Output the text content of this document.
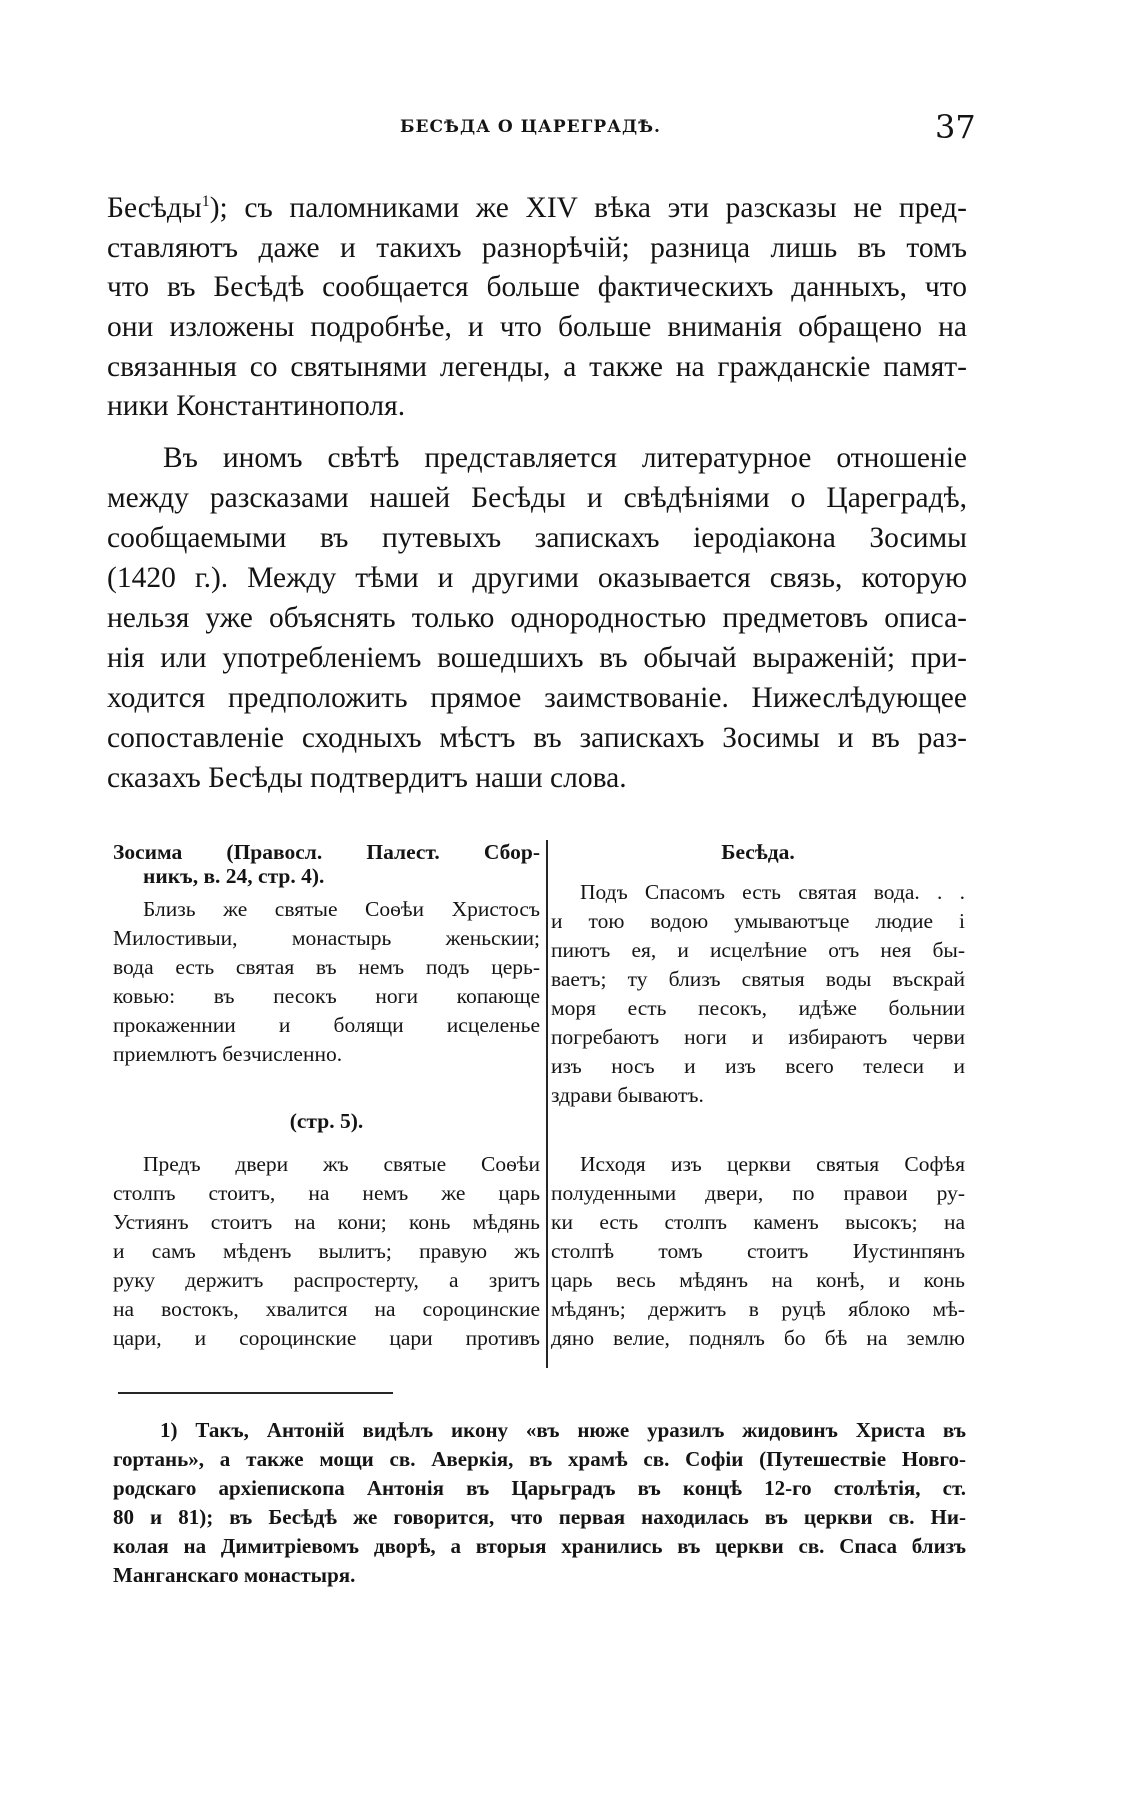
БЕСѢДА О ЦАРЕГРАДѢ.	37
Бесѣды$^1$); съ паломниками же XIV вѣка эти разсказы не пред-
ставляютъ даже и такихъ разнорѣчій; разница лишь въ томъ
что въ Бесѣдѣ сообщается больше фактическихъ данныхъ, что
они изложены подробнѣе, и что больше вниманія обращено на
связанныя со святынями легенды, а также на гражданскіе памят-
ники Константинополя.
Въ иномъ свѣтѣ представляется литературное отношеніе
между разсказами нашей Бесѣды и свѣдѣніями о Цареградѣ,
сообщаемыми въ путевыхъ запискахъ іеродіакона Зосимы
(1420 г.). Между тѣми и другими оказывается связь, которую
нельзя уже объяснять только однородностью предметовъ описа-
нія или употребленіемъ вошедшихъ въ обычай выраженій; при-
ходится предположить прямое заимствованіе. Нижеслѣдующее
сопоставленіе сходныхъ мѣстъ въ запискахъ Зосимы и въ раз-
сказахъ Бесѣды подтвердитъ наши слова.
Зосима (Правосл. Палест. Сбор-
никъ, в. 24, стр. 4).
Близь же святые Соѳѣи Христосъ
Милостивыи, монастырь женьскии;
вода есть святая въ немъ подъ церь-
ковью: въ песокъ ноги копающе
прокаженнии и болящи исцеленье
приемлютъ безчисленно.
(стр. 5).
Предъ двери жъ святые Соѳѣи
столпъ стоитъ, на немъ же царь
Устиянъ стоитъ на кони; конь мѣдянь
и самъ мѣденъ вылитъ; правую жъ
руку держитъ распростерту, а зритъ
на востокъ, хвалится на сороцинские
цари, и сороцинские цари противъ
Бесѣда.
Подъ Спасомъ есть святая вода. . .
и тою водою умываютъце людие і
пиютъ ея, и исцелѣние отъ нея бы-
ваетъ; ту близъ святыя воды въскрай
моря есть песокъ, идѣже больнии
погребаютъ ноги и избираютъ черви
изъ носъ и изъ всего телеси и
здрави бываютъ.
Исходя изъ церкви святыя Софѣя
полуденными двери, по правои ру-
ки есть столпъ каменъ высокъ; на
столпѣ томъ стоитъ Иустинпянъ
царь весь мѣдянъ на конѣ, и конь
мѣдянъ; держитъ в руцѣ яблоко мѣ-
дяно велие, поднялъ бо бѣ на землю
1) Такъ, Антоній видѣлъ икону «въ нюже уразилъ жидовинъ Христа въ
гортань», а также мощи св. Аверкія, въ храмѣ св. Софіи (Путешествіе Новго-
родскаго архіепископа Антонія въ Царьградъ въ концѣ 12-го столѣтія, ст.
80 и 81); въ Бесѣдѣ же говорится, что первая находилась въ церкви св. Ни-
колая на Димитріевомъ дворѣ, а вторыя хранились въ церкви св. Спаса близъ
Манганскаго монастыря.
